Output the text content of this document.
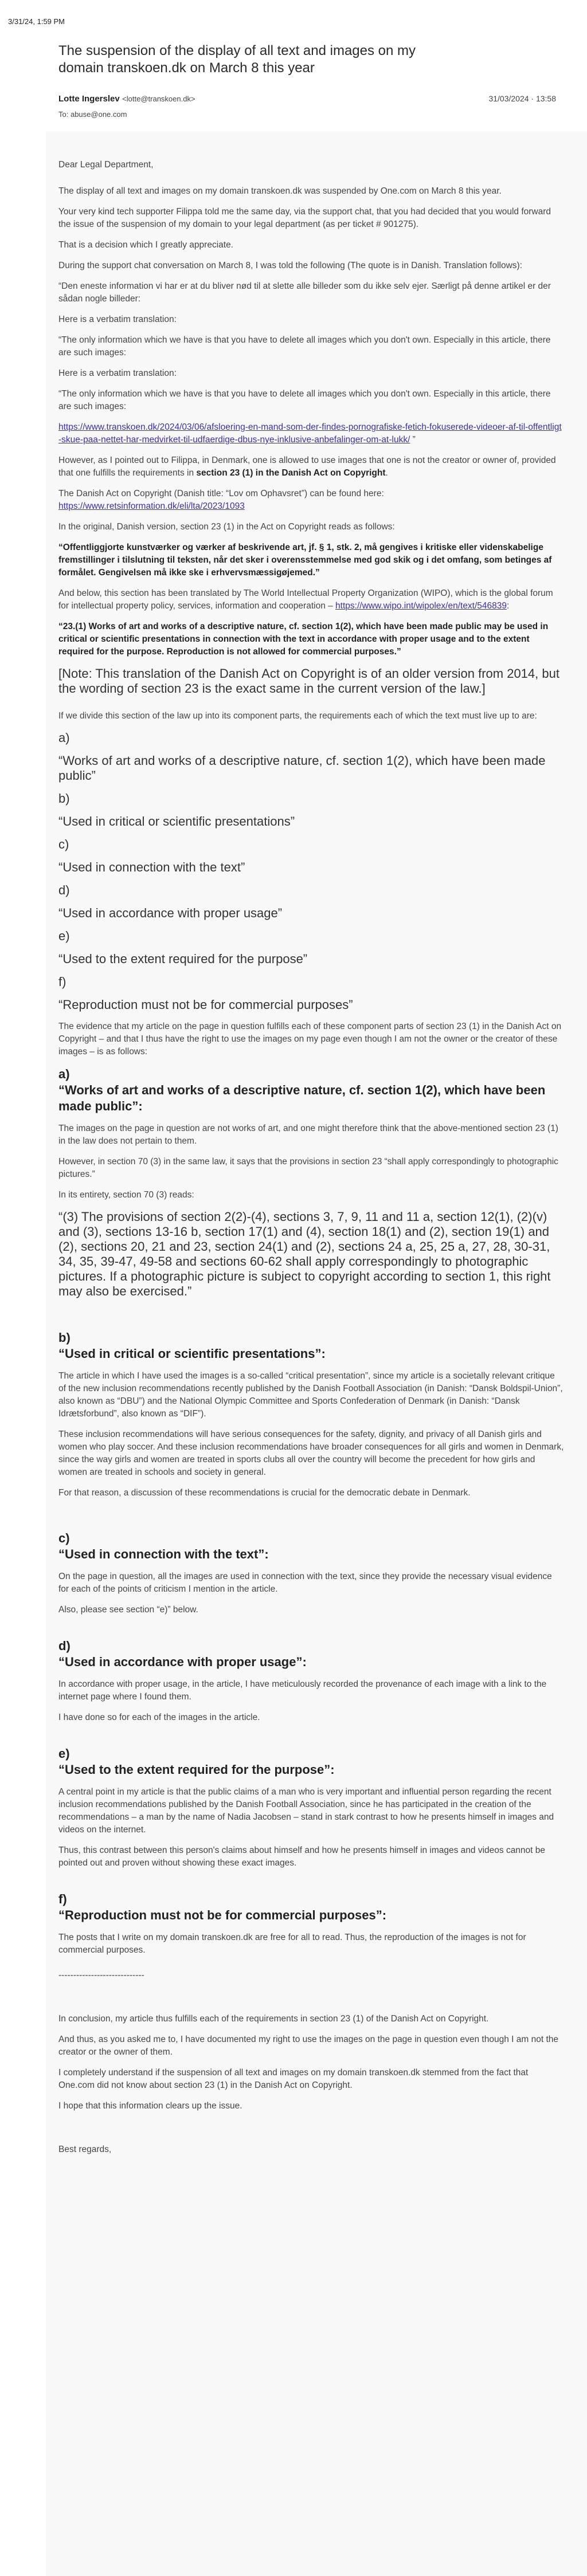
3/31/24, 1:59 PM
The suspension of the display of all text and images on my domain transkoen.dk on March 8 this year
Lotte Ingerslev <lotte@transkoen.dk>	31/03/2024 · 13:58
To: abuse@one.com

Dear Legal Department,

The display of all text and images on my domain transkoen.dk was suspended by One.com on March 8 this year.

Your very kind tech supporter Filippa told me the same day, via the support chat, that you had decided that you would forward the issue of the suspension of my domain to your legal department (as per ticket # 901275).

That is a decision which I greatly appreciate.

During the support chat conversation on March 8, I was told the following (The quote is in Danish. Translation follows):

“Den eneste information vi har er at du bliver nød til at slette alle billeder som du ikke selv ejer. Særligt på denne artikel er der sådan nogle billeder:

Here is a verbatim translation:

“The only information which we have is that you have to delete all images which you don't own. Especially in this article, there are such images:

Here is a verbatim translation:

“The only information which we have is that you have to delete all images which you don't own. Especially in this article, there are such images:

https://www.transkoen.dk/2024/03/06/afsloering-en-mand-som-der-findes-pornografiske-fetich-fokuserede-videoer-af-til-offentligt-skue-paa-nettet-har-medvirket-til-udfaerdige-dbus-nye-inklusive-anbefalinger-om-at-lukk/ ”

However, as I pointed out to Filippa, in Denmark, one is allowed to use images that one is not the creator or owner of, provided that one fulfills the requirements in section 23 (1) in the Danish Act on Copyright.

The Danish Act on Copyright (Danish title: “Lov om Ophavsret”) can be found here:
https://www.retsinformation.dk/eli/lta/2023/1093

In the original, Danish version, section 23 (1) in the Act on Copyright reads as follows:

“Offentliggjorte kunstværker og værker af beskrivende art, jf. § 1, stk. 2, må gengives i kritiske eller videnskabelige fremstillinger i tilslutning til teksten, når det sker i overensstemmelse med god skik og i det omfang, som betinges af formålet. Gengivelsen må ikke ske i erhvervsmæssigøjemed.”

And below, this section has been translated by The World Intellectual Property Organization (WIPO), which is the global forum for intellectual property policy, services, information and cooperation – https://www.wipo.int/wipolex/en/text/546839:

“23.(1) Works of art and works of a descriptive nature, cf. section 1(2), which have been made public may be used in critical or scientific presentations in connection with the text in accordance with proper usage and to the extent required for the purpose. Reproduction is not allowed for commercial purposes.”

[Note: This translation of the Danish Act on Copyright is of an older version from 2014, but the wording of section 23 is the exact same in the current version of the law.]

If we divide this section of the law up into its component parts, the requirements each of which the text must live up to are:

a)

“Works of art and works of a descriptive nature, cf. section 1(2), which have been made public”

b)

“Used in critical or scientific presentations”

c)

“Used in connection with the text”

d)

“Used in accordance with proper usage”

e)

“Used to the extent required for the purpose”

f)

“Reproduction must not be for commercial purposes”

The evidence that my article on the page in question fulfills each of these component parts of section 23 (1) in the Danish Act on Copyright – and that I thus have the right to use the images on my page even though I am not the owner or the creator of these images – is as follows:

a)

“Works of art and works of a descriptive nature, cf. section 1(2), which have been made public”:

The images on the page in question are not works of art, and one might therefore think that the above-mentioned section 23 (1) in the law does not pertain to them.

However, in section 70 (3) in the same law, it says that the provisions in section 23 “shall apply correspondingly to photographic pictures.”

In its entirety, section 70 (3) reads:

“(3) The provisions of section 2(2)-(4), sections 3, 7, 9, 11 and 11 a, section 12(1), (2)(v) and (3), sections 13-16 b, section 17(1) and (4), section 18(1) and (2), section 19(1) and (2), sections 20, 21 and 23, section 24(1) and (2), sections 24 a, 25, 25 a, 27, 28, 30-31, 34, 35, 39-47, 49-58 and sections 60-62 shall apply correspondingly to photographic pictures. If a photographic picture is subject to copyright according to section 1, this right may also be exercised.”

b)

“Used in critical or scientific presentations”:

The article in which I have used the images is a so-called “critical presentation”, since my article is a societally relevant critique of the new inclusion recommendations recently published by the Danish Football Association (in Danish: “Dansk Boldspil-Union”, also known as “DBU”) and the National Olympic Committee and Sports Confederation of Denmark (in Danish: “Dansk Idrætsforbund”, also known as “DIF”).

These inclusion recommendations will have serious consequences for the safety, dignity, and privacy of all Danish girls and women who play soccer. And these inclusion recommendations have broader consequences for all girls and women in Denmark, since the way girls and women are treated in sports clubs all over the country will become the precedent for how girls and women are treated in schools and society in general.

For that reason, a discussion of these recommendations is crucial for the democratic debate in Denmark.

c)

“Used in connection with the text”:

On the page in question, all the images are used in connection with the text, since they provide the necessary visual evidence for each of the points of criticism I mention in the article.

Also, please see section “e)” below.

d)

“Used in accordance with proper usage”:

In accordance with proper usage, in the article, I have meticulously recorded the provenance of each image with a link to the internet page where I found them.

I have done so for each of the images in the article.

e)

“Used to the extent required for the purpose”:

A central point in my article is that the public claims of a man who is very important and influential person regarding the recent inclusion recommendations published by the Danish Football Association, since he has participated in the creation of the recommendations – a man by the name of Nadia Jacobsen – stand in stark contrast to how he presents himself in images and videos on the internet.

Thus, this contrast between this person's claims about himself and how he presents himself in images and videos cannot be pointed out and proven without showing these exact images.

f)

“Reproduction must not be for commercial purposes”:

The posts that I write on my domain transkoen.dk are free for all to read. Thus, the reproduction of the images is not for commercial purposes.

-----------------------------

In conclusion, my article thus fulfills each of the requirements in section 23 (1) of the Danish Act on Copyright.

And thus, as you asked me to, I have documented my right to use the images on the page in question even though I am not the creator or the owner of them.

I completely understand if the suspension of all text and images on my domain transkoen.dk stemmed from the fact that One.com did not know about section 23 (1) in the Danish Act on Copyright.

I hope that this information clears up the issue.

Best regards,
